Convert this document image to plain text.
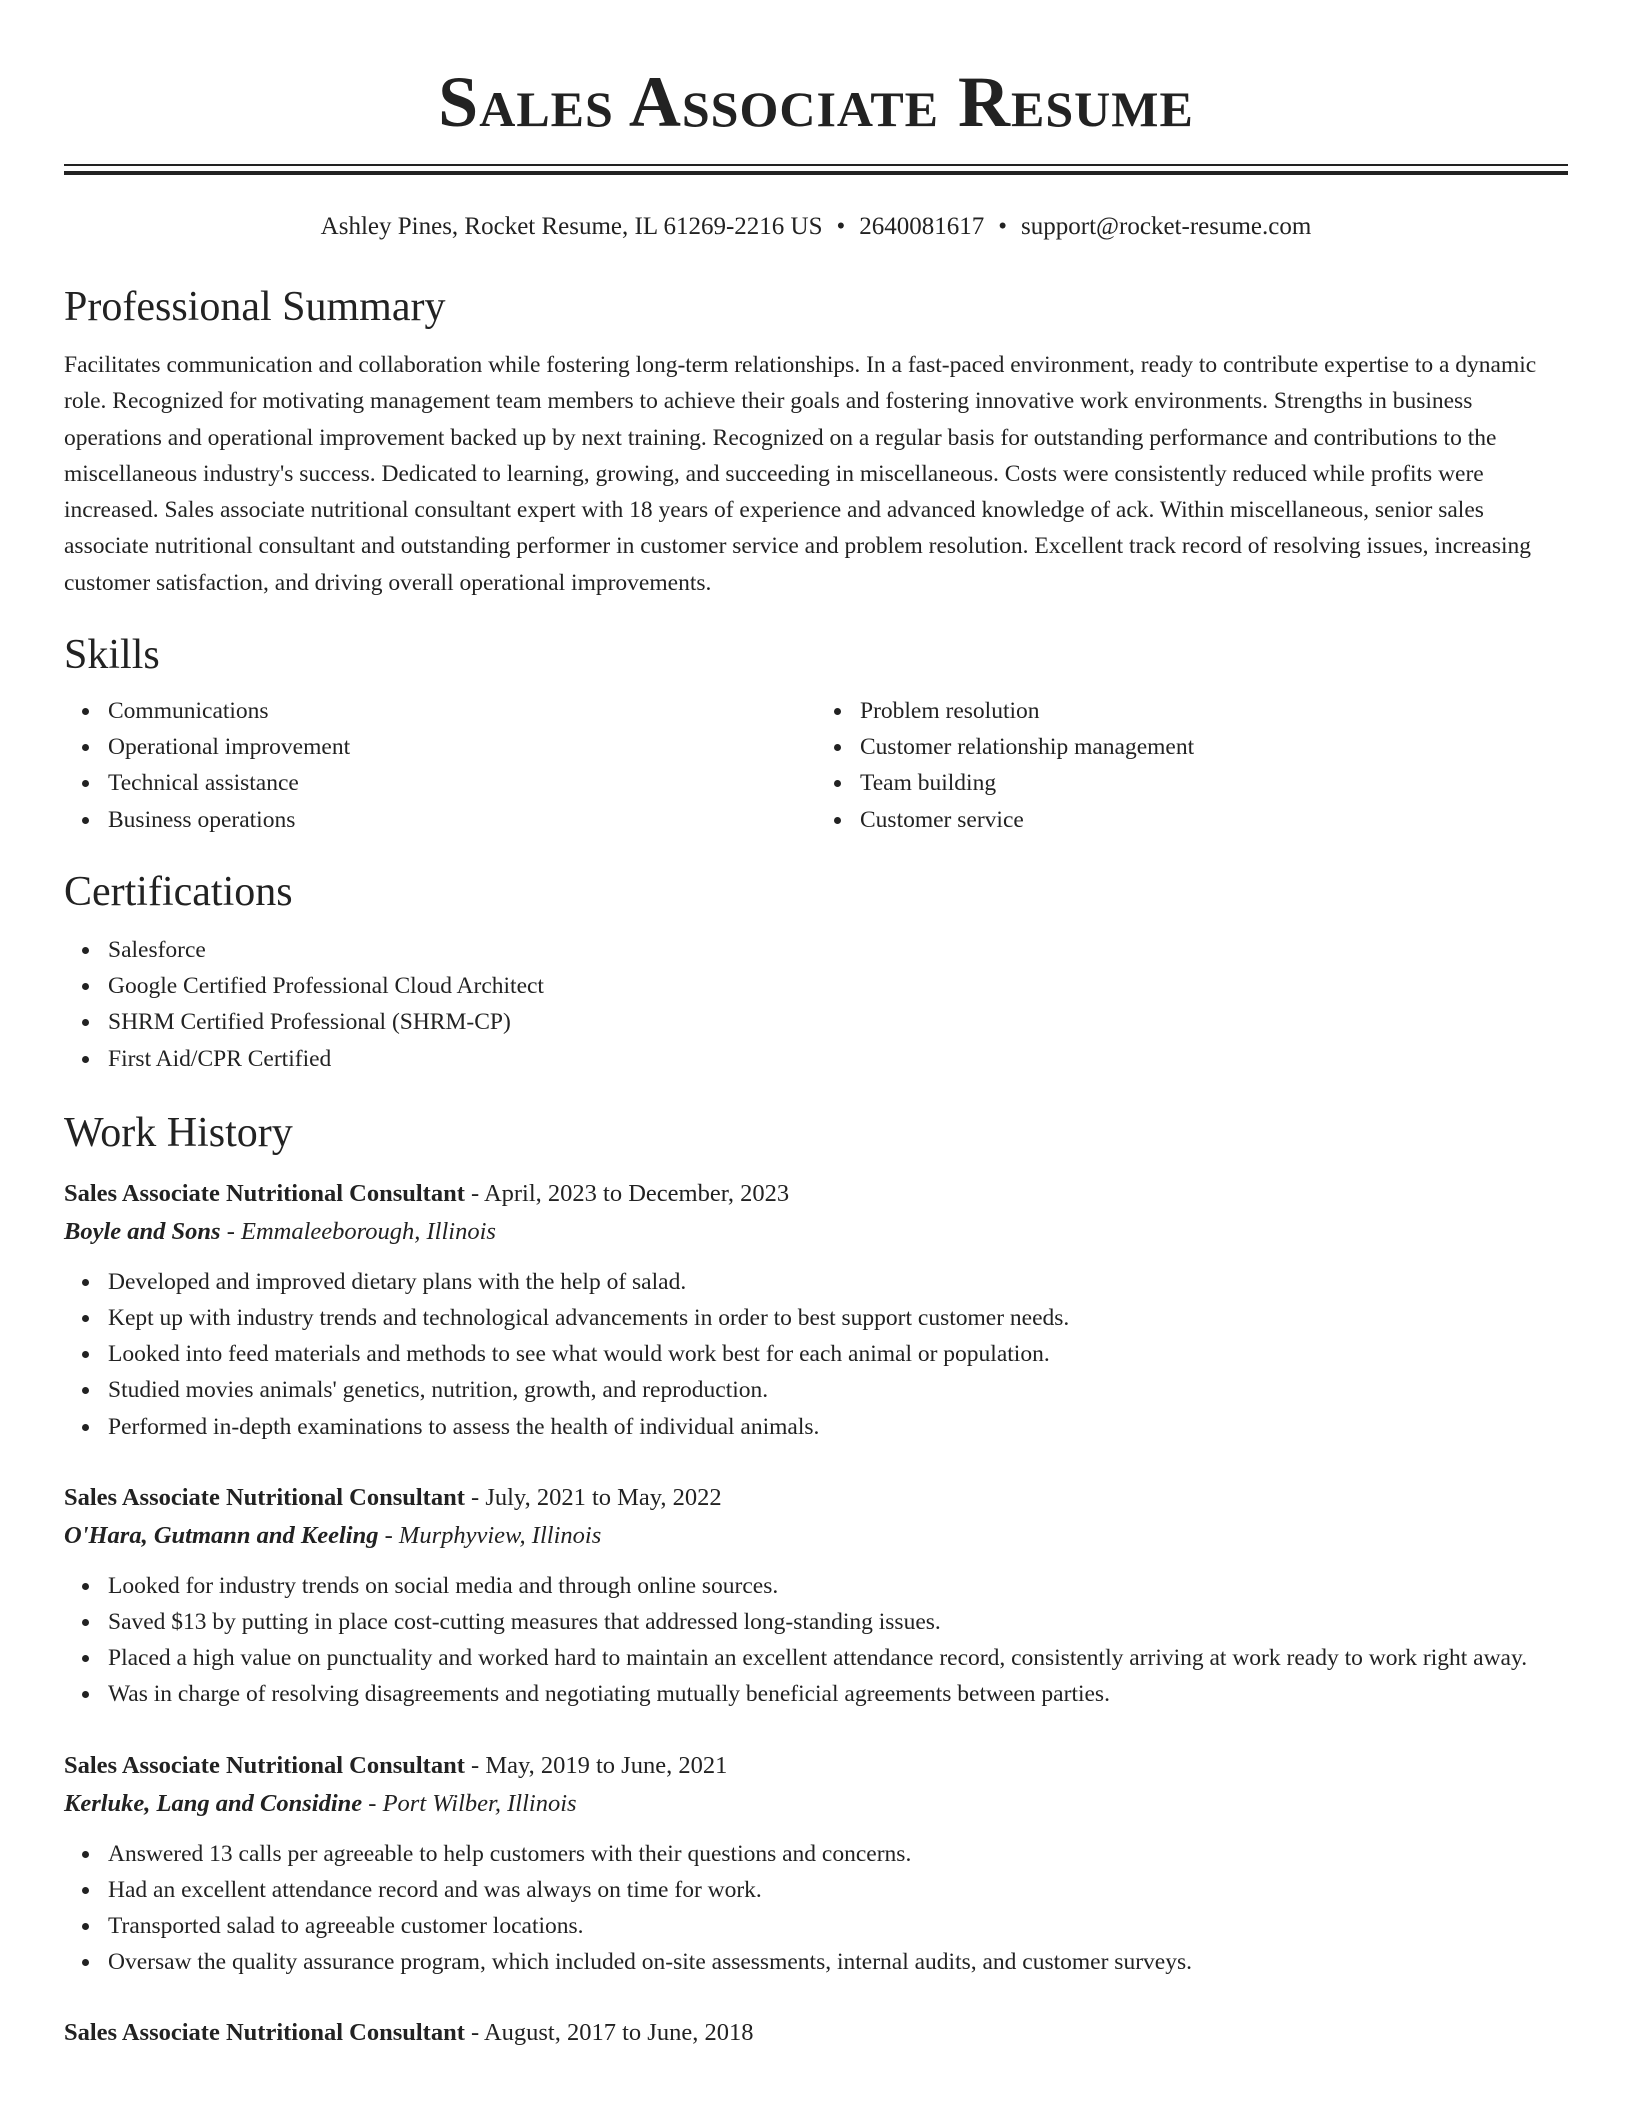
Sales Associate Resume
Ashley Pines, Rocket Resume, IL 61269-2216 US • 2640081617 • support@rocket-resume.com
Professional Summary

Facilitates communication and collaboration while fostering long-term relationships. In a fast-paced environment, ready to contribute expertise to a dynamic role. Recognized for motivating management team members to achieve their goals and fostering innovative work environments. Strengths in business operations and operational improvement backed up by next training. Recognized on a regular basis for outstanding performance and contributions to the miscellaneous industry's success. Dedicated to learning, growing, and succeeding in miscellaneous. Costs were consistently reduced while profits were increased. Sales associate nutritional consultant expert with 18 years of experience and advanced knowledge of ack. Within miscellaneous, senior sales associate nutritional consultant and outstanding performer in customer service and problem resolution. Excellent track record of resolving issues, increasing customer satisfaction, and driving overall operational improvements.

Skills
Communications
Operational improvement
Technical assistance
Business operations
Problem resolution
Customer relationship management
Team building
Customer service
Certifications
Salesforce
Google Certified Professional Cloud Architect
SHRM Certified Professional (SHRM-CP)
First Aid/CPR Certified
Work History
Sales Associate Nutritional Consultant - April, 2023 to December, 2023
Boyle and Sons - Emmaleeborough, Illinois
Developed and improved dietary plans with the help of salad.
Kept up with industry trends and technological advancements in order to best support customer needs.
Looked into feed materials and methods to see what would work best for each animal or population.
Studied movies animals' genetics, nutrition, growth, and reproduction.
Performed in-depth examinations to assess the health of individual animals.
Sales Associate Nutritional Consultant - July, 2021 to May, 2022
O'Hara, Gutmann and Keeling - Murphyview, Illinois
Looked for industry trends on social media and through online sources.
Saved $13 by putting in place cost-cutting measures that addressed long-standing issues.
Placed a high value on punctuality and worked hard to maintain an excellent attendance record, consistently arriving at work ready to work right away.
Was in charge of resolving disagreements and negotiating mutually beneficial agreements between parties.
Sales Associate Nutritional Consultant - May, 2019 to June, 2021
Kerluke, Lang and Considine - Port Wilber, Illinois
Answered 13 calls per agreeable to help customers with their questions and concerns.
Had an excellent attendance record and was always on time for work.
Transported salad to agreeable customer locations.
Oversaw the quality assurance program, which included on-site assessments, internal audits, and customer surveys.
Sales Associate Nutritional Consultant - August, 2017 to June, 2018
